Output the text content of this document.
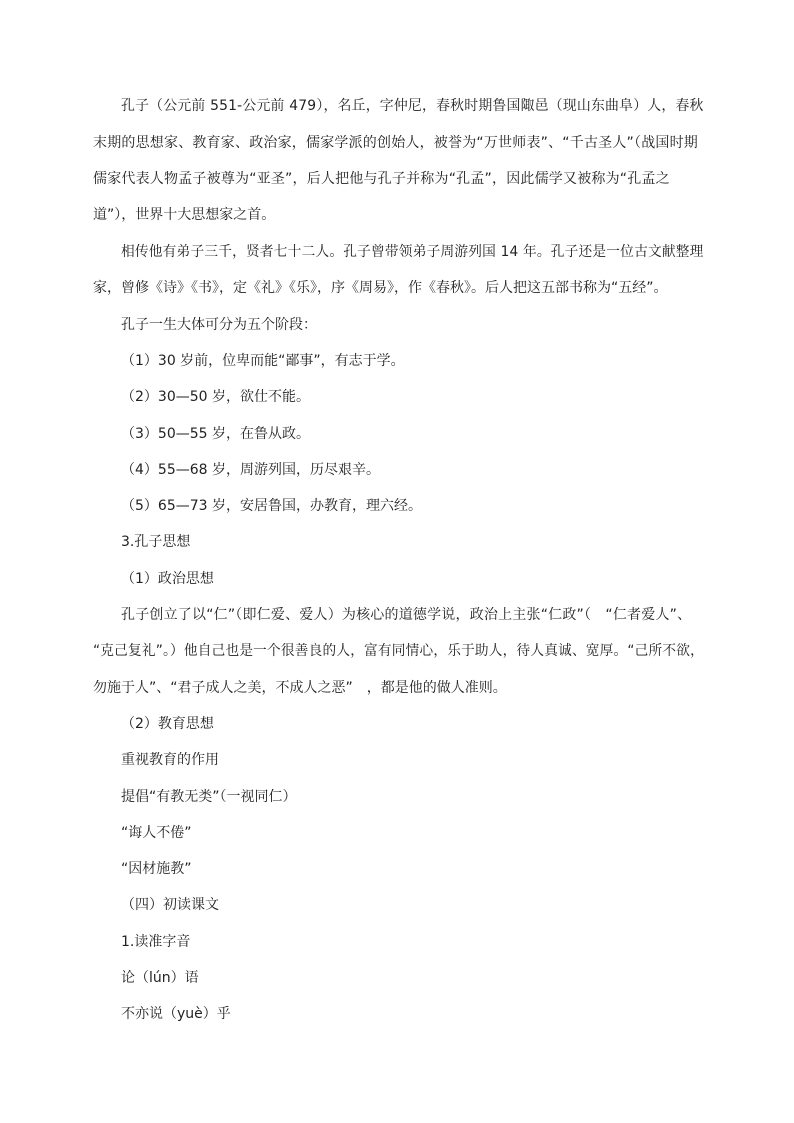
孔子（公元前 551-公元前 479），名丘，字仲尼，春秋时期鲁国陬邑（现山东曲阜）人，春秋
末期的思想家、教育家、政治家，儒家学派的创始人，被誉为“万世师表”、“千古圣人”（战国时期
儒家代表人物孟子被尊为“亚圣”，后人把他与孔子并称为“孔孟”，因此儒学又被称为“孔孟之
道”），世界十大思想家之首。
相传他有弟子三千，贤者七十二人。孔子曾带领弟子周游列国 14 年。孔子还是一位古文献整理
家，曾修《诗》《书》，定《礼》《乐》，序《周易》，作《春秋》。后人把这五部书称为“五经”。
孔子一生大体可分为五个阶段：
（1）30 岁前，位卑而能“鄙事”，有志于学。
（2）30—50 岁，欲仕不能。
（3）50—55 岁，在鲁从政。
（4）55—68 岁，周游列国，历尽艰辛。
（5）65—73 岁，安居鲁国，办教育，理六经。
3.孔子思想
（1）政治思想
孔子创立了以“仁”（即仁爱、爱人）为核心的道德学说，政治上主张“仁政”（　“仁者爱人”、
“克己复礼”。）他自己也是一个很善良的人，富有同情心，乐于助人，待人真诚、宽厚。“己所不欲，
勿施于人”、“君子成人之美，不成人之恶”　，都是他的做人准则。
（2）教育思想
重视教育的作用
提倡“有教无类”（一视同仁）
“诲人不倦”
“因材施教”
（四）初读课文
1.读准字音
论（lún）语
不亦说（yuè）乎
